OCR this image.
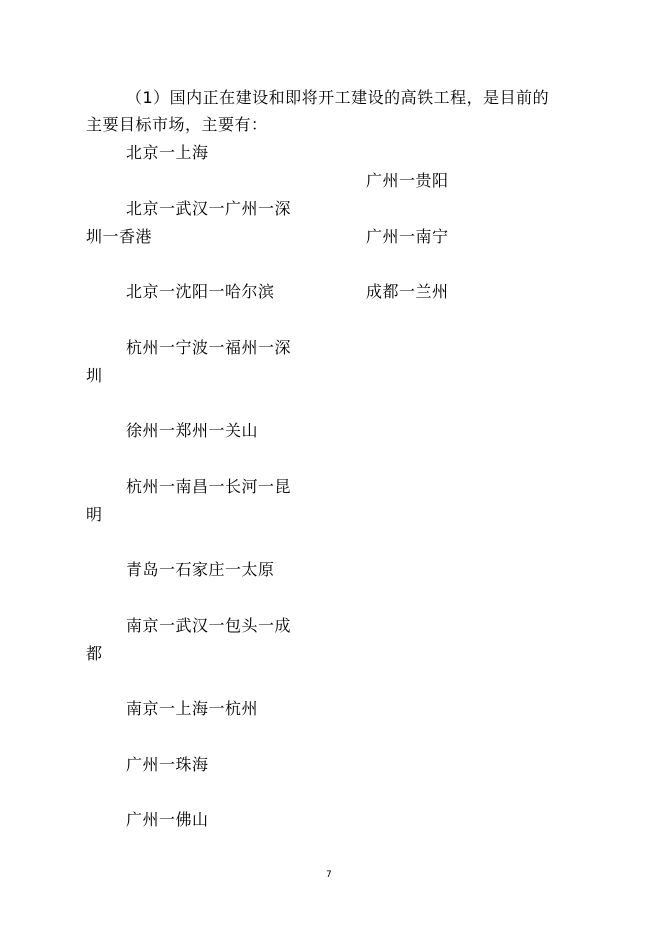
（1）国内正在建设和即将开工建设的高铁工程，是目前的
主要目标市场，主要有：
北京一上海
北京一武汉一广州一深
圳一香港
北京一沈阳一哈尔滨
杭州一宁波一福州一深
圳
徐州一郑州一关山
杭州一南昌一长河一昆
明
青岛一石家庄一太原
南京一武汉一包头一成
都
南京一上海一杭州
广州一珠海
广州一佛山
广州一贵阳
广州一南宁
成都一兰州
7
